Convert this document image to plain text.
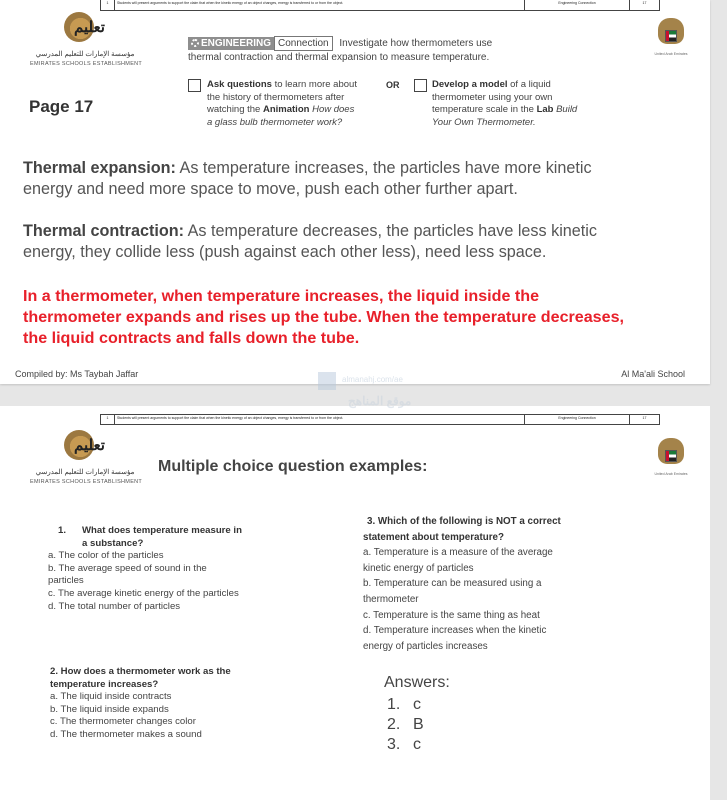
1	Students will present arguments to support the claim that when the kinetic energy of an object changes, energy is transferred to or from the object.	Engineering Connection	17
تعليم
مؤسسة الإمارات للتعليم المدرسي
EMIRATES SCHOOLS ESTABLISHMENT
United Arab Emirates
ENGINEERING Connection Investigate how thermometers use
thermal contraction and thermal expansion to measure temperature.
Ask questions to learn more about
the history of thermometers after
watching the Animation How does
a glass bulb thermometer work?
OR	Develop a model of a liquid
thermometer using your own
temperature scale in the Lab Build
Your Own Thermometer.
Page 17
Thermal expansion: As temperature increases, the particles have more kinetic
energy and need more space to move, push each other further apart.
Thermal contraction: As temperature decreases, the particles have less kinetic
energy, they collide less (push against each other less), need less space.
In a thermometer, when temperature increases, the liquid inside the
thermometer expands and rises up the tube. When the temperature decreases,
the liquid contracts and falls down the tube.
Compiled by: Ms Taybah Jaffar	Al Ma'ali School
almanahj.com/ae
موقع المناهج
1	Students will present arguments to support the claim that when the kinetic energy of an object changes, energy is transferred to or from the object.	Engineering Connection	17
تعليم
مؤسسة الإمارات للتعليم المدرسي
EMIRATES SCHOOLS ESTABLISHMENT
United Arab Emirates
Multiple choice question examples:
1. What does temperature measure in
a substance?
a. The color of the particles
b. The average speed of sound in the
particles
c. The average kinetic energy of the particles
d. The total number of particles
2. How does a thermometer work as the
temperature increases?
a. The liquid inside contracts
b. The liquid inside expands
c. The thermometer changes color
d. The thermometer makes a sound
3. Which of the following is NOT a correct
statement about temperature?
a. Temperature is a measure of the average
kinetic energy of particles
b. Temperature can be measured using a
thermometer
c. Temperature is the same thing as heat
d. Temperature increases when the kinetic
energy of particles increases
Answers:
1. c
2. B
3. c
